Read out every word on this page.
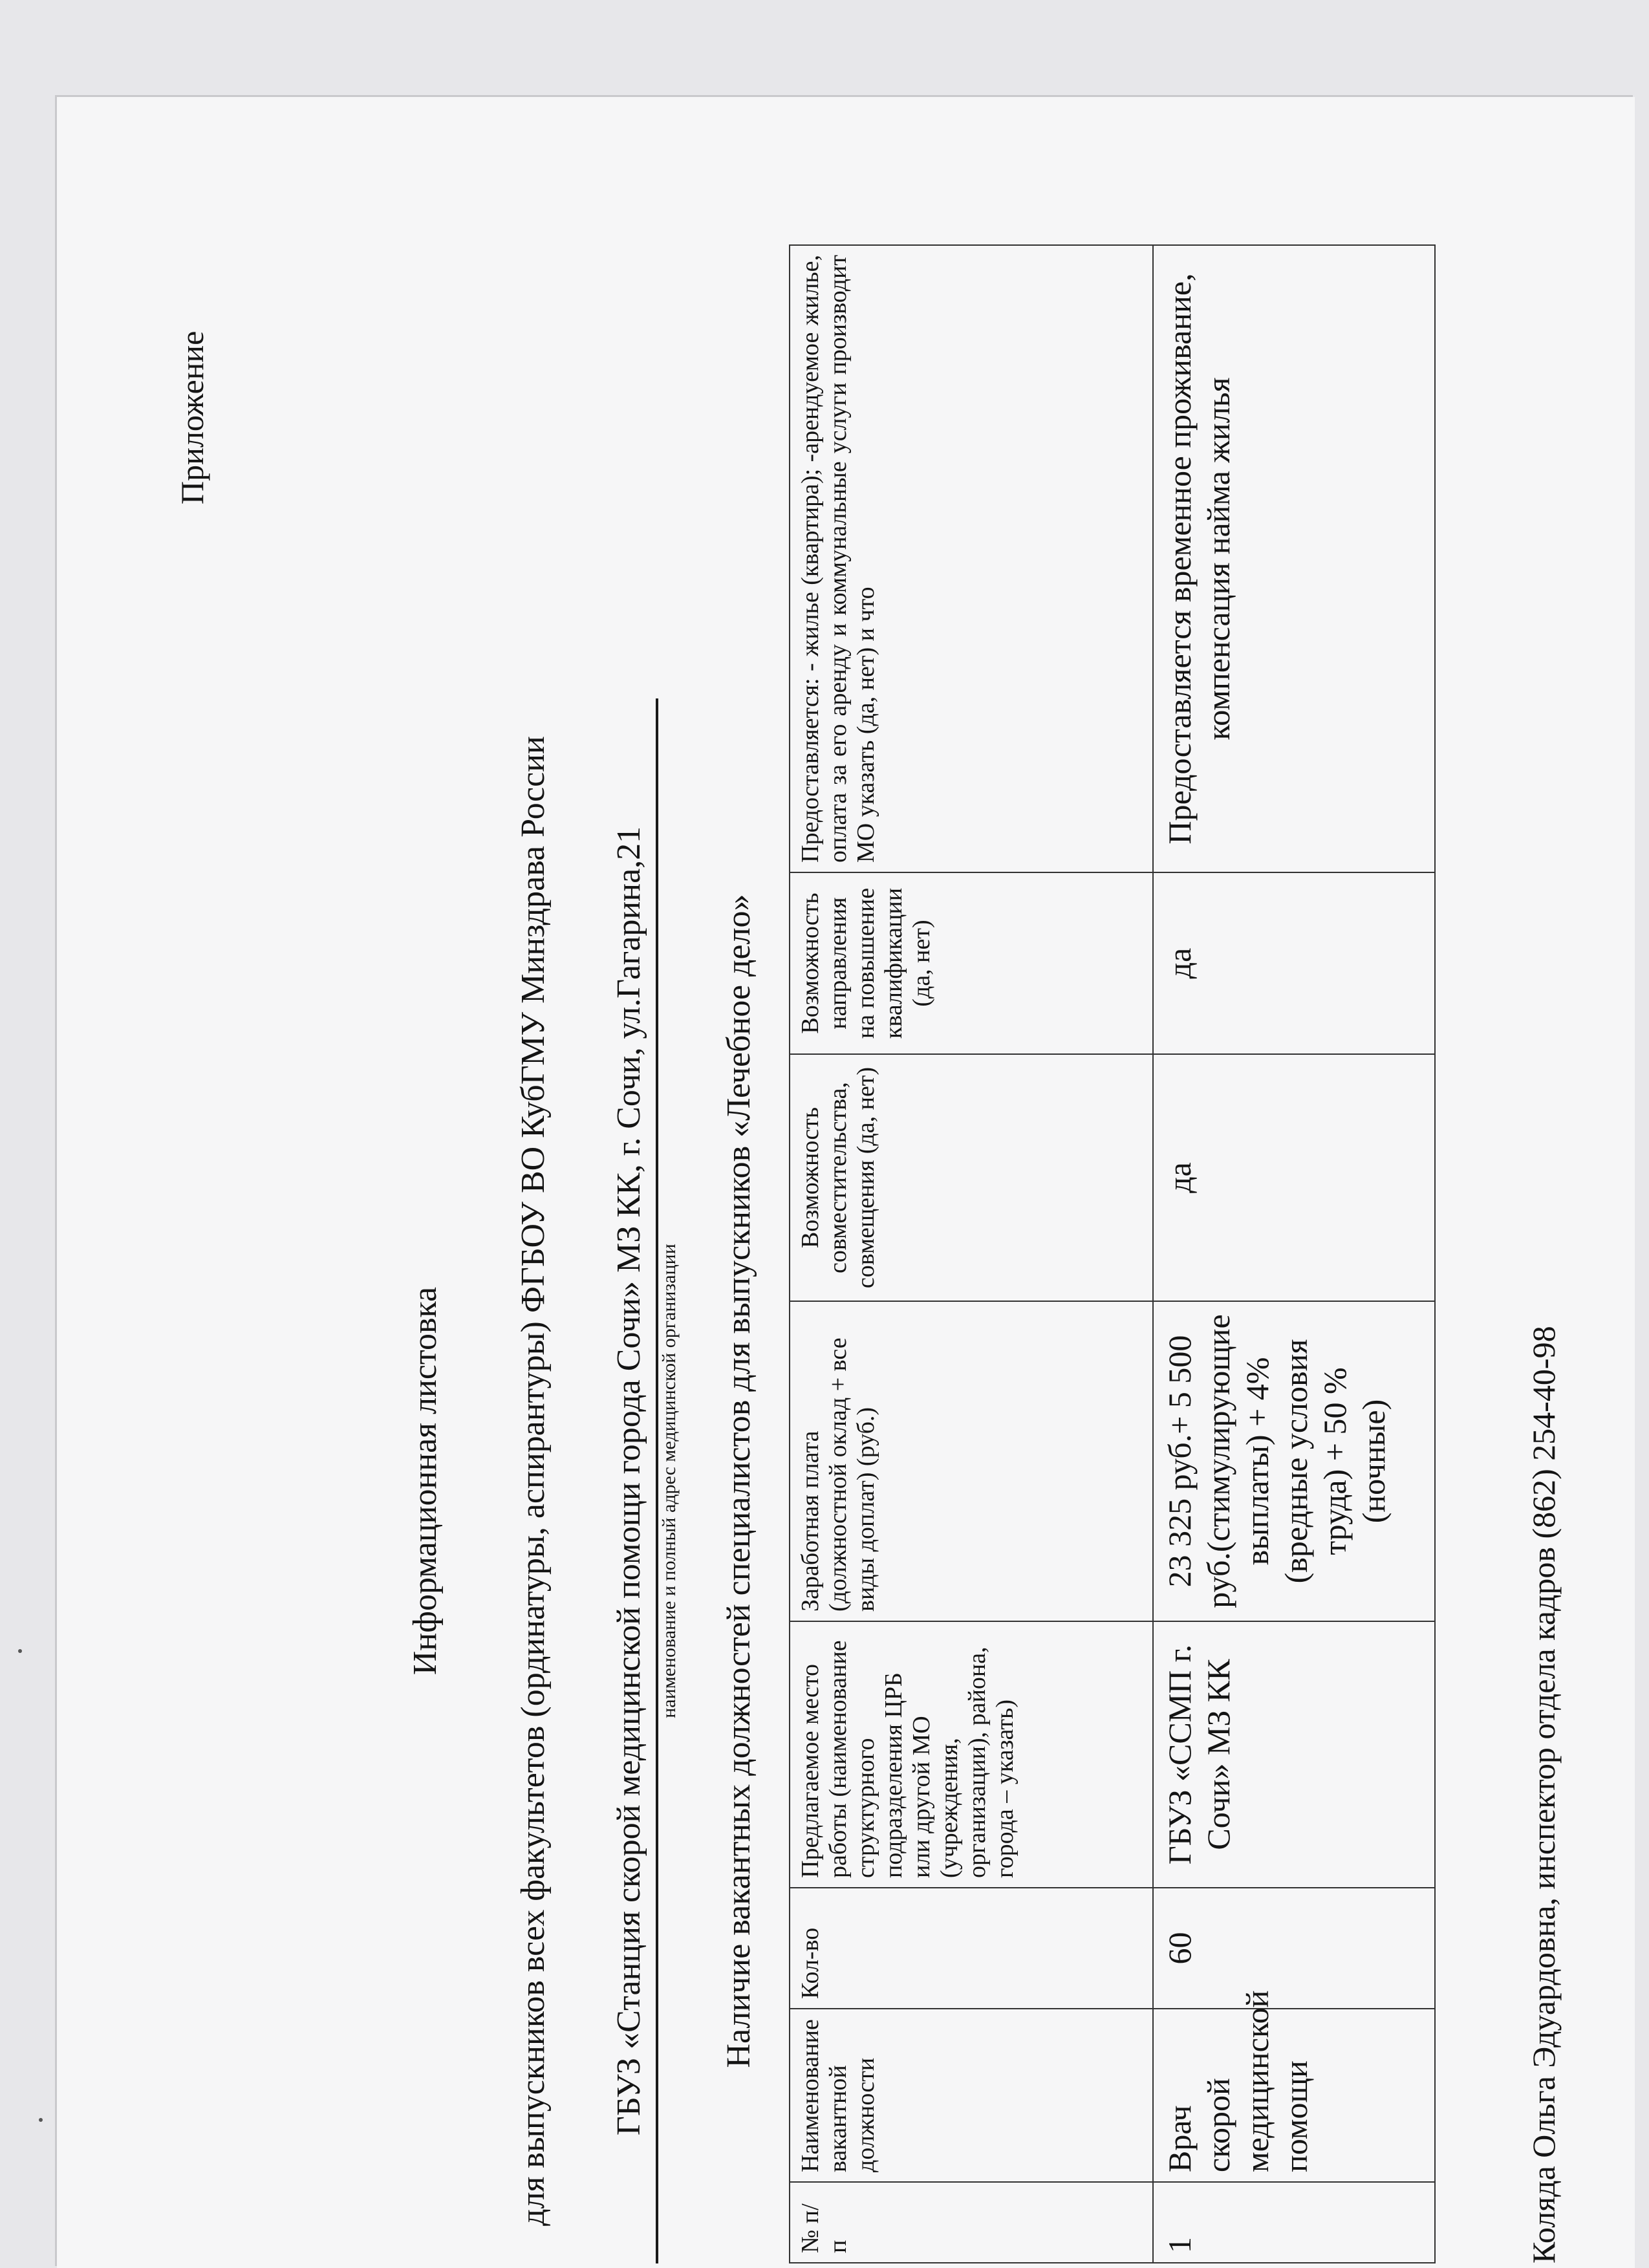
Приложение
Информационная листовка для выпускников всех факультетов (ординатуры, аспирантуры) ФГБОУ ВО КубГМУ Минздрава России ГБУЗ «Станция скорой медицинской помощи города Сочи» МЗ КК, г. Сочи, ул.Гагарина,21 наименование и полный адрес медицинской организации Наличие вакантных должностей специалистов для выпускников «Лечебное дело»
№ п/п	Наименование вакантной должности	Кол-во	Предлагаемое место работы (наименование структурного подразделения ЦРБ или другой МО (учреждения, организации), района, города – указать)	Заработная плата (должностной оклад + все виды доплат) (руб.)	Возможность совместительства, совмещения (да, нет)	Возможность направления на повышение квалификации (да, нет)	Предоставляется: - жилье (квартира); -арендуемое жилье, оплата за его аренду и коммунальные услуги производит МО указать (да, нет) и что
1	Врач скорой медицинской помощи	60	ГБУЗ «ССМП г. Сочи» МЗ КК	23 325 руб.+ 5 500 руб.(стимулирующие выплаты) + 4% (вредные условия труда) + 50 % (ночные)	да	да	Предоставляется временное проживание, компенсация найма жилья
Коляда Ольга Эдуардовна, инспектор отдела кадров (862) 254-40-98
